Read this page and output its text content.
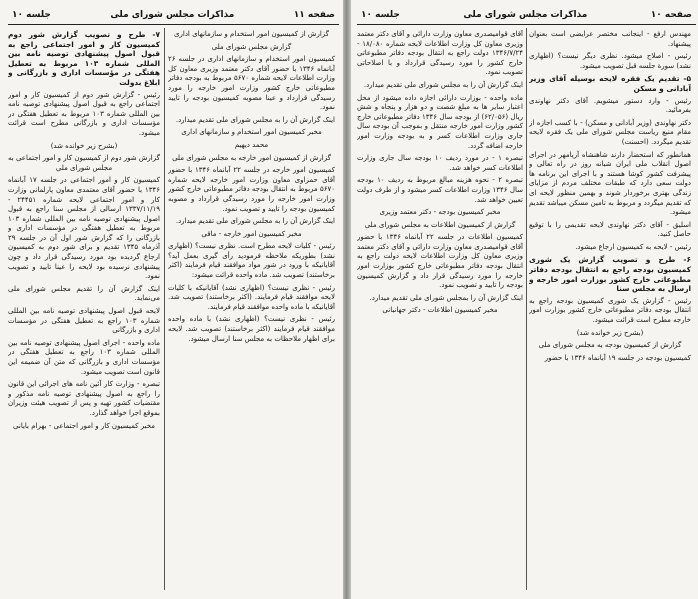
صفحه ۱۱
مذاکرات مجلس شورای ملی
جلسه ۱۰

گزارش از کمیسیون امور استخدام و سازمانهای اداری

گزارش مجلس شورای ملی

کمیسیون امور استخدام و سازمانهای اداری در جلسه ۲۶ آبانماه ۱۳۴۶ با حضور آقای دکتر معتمد وزیری معاون کل وزارت اطلاعات لایحه شماره ۵۶۷۰ مربوط به بودجه دفاتر مطبوعاتی خارج کشور وزارت امور خارجه را مورد رسیدگی قرارداد و عینا مصوبه کمیسیون بودجه را تایید نمود.

اینک گزارش آن را به مجلس شورای ملی تقدیم میدارد.

مخبر کمیسیون امور استخدام و سازمانهای اداری

محمد دیهیم

گزارش از کمیسیون امور خارجه به مجلس شورای ملی

کمیسیون امور خارجه در جلسه ۲۲ آبانماه ۱۳۴۶ با حضور آقای حمزاوی معاون وزارت امور خارجه لایحه شماره ۵۶۷۰ مربوط به انتقال بودجه دفاتر مطبوعاتی خارج کشور وزارت امور خارجه را مورد رسیدگی قرارداد و مصوبه کمیسیون بودجه را تایید و تصویب نمود.

اینک گزارش آن را به مجلس شورای ملی تقدیم میدارد.

مخبر کمیسیون امور خارجه - ماقی

رئیس - کلیات لایحه مطرح است. نظری نیست؟ (اظهاری نشد) بطوریکه ملاحظه فرمودید رأی گیری بعمل آید؟ آقایانیکه با ورود در شور مواد موافقند قیام فرمایند (اکثر برخاستند) تصویب شد. ماده واحده قرائت میشود:

رئیس - نظری نیست؟ (اظهاری نشد) آقایانیکه با کلیات لایحه موافقند قیام فرمایند. (اکثر برخاستند) تصویب شد. آقایانیکه با ماده واحده موافقند قیام فرمایند.

رئیس - نظری نیست؟ (اظهاری نشد) با ماده واحده موافقند قیام فرمایند (اکثر برخاستند) تصویب شد. لایحه برای اظهار ملاحظات به مجلس سنا ارسال میشود.

۷- طرح و تصویب گزارش شور دوم کمیسیون کار و امور اجتماعی راجع به قبول اصول پیشنهادی توصیه نامه بین المللی شماره ۱۰۳ مربوط به تعطیل هفتگی در مؤسسات اداری و بازرگانی و ابلاغ بدولت

رئیس - گزارش شور دوم از کمیسیون کار و امور اجتماعی راجع به قبول اصول پیشنهادی توصیه نامه بین المللی شماره ۱۰۳ مربوط به تعطیل هفتگی در مؤسسات اداری و بازرگانی مطرح است قرائت میشود.

(بشرح زیر خوانده شد)

گزارش شور دوم از کمیسیون کار و امور اجتماعی به مجلس شورای ملی

کمیسیون کار و امور اجتماعی در جلسه ۱۷ آبانماه ۱۳۴۶ با حضور آقای معتمدی معاون پارلمانی وزارت کار و امور اجتماعی لایحه شماره ۲۴۴۵۱ - ۱۳۳۷/۱۱/۱۹ ارسالی از مجلس سنا راجع به قبول اصول پیشنهادی توصیه نامه بین المللی شماره ۱۰۳ مربوط به تعطیل هفتگی در مؤسسات اداری و بازرگانی را که گزارش شور اول آن در جلسه ۲۹ آذرماه ۱۳۴۵ تقدیم و برای شور دوم به کمیسیون ارجاع گردیده بود مورد رسیدگی قرار داد و چون پیشنهادی نرسیده بود لایحه را عینا تایید و تصویب نمود.

اینک گزارش آن را تقدیم مجلس شورای ملی می‌نماید.

لایحه قبول اصول پیشنهادی توصیه نامه بین المللی شماره ۱۰۳ راجع به تعطیل هفتگی در مؤسسات اداری و بازرگانی

ماده واحده - اجرای اصول پیشنهادی توصیه نامه بین المللی شماره ۱۰۳ راجع به تعطیل هفتگی در مؤسسات اداری و بازرگانی که متن آن ضمیمه این قانون است تصویب میشود.

تبصره - وزارت کار آئین نامه های اجرائی این قانون را راجع به اصول پیشنهادی توصیه نامه مذکور و مقتضیات کشور تهیه و پس از تصویب هیئت وزیران بموقع اجرا خواهد گذارد.

مخبر کمیسیون کار و امور اجتماعی - بهرام بایانی

صفحه ۱۰
مذاکرات مجلس شورای ملی
جلسه ۱۰

مهندس ارفع - اینجانب مختصر عرایضی است بعنوان پیشنهاد.

رئیس - اصلاح میشود. نظری دیگر نیست؟ (اظهاری نشد) سورة جلسه قبل تصویب میشود.

۵- تقدیم یک فقره لایحه بوسیله آقای وزیر آبادانی و مسکن

رئیس - وارد دستور میشویم. آقای دکتر نهاوندی بفرمائید.

دکتر نهاوندی (وزیر آبادانی و مسکن) - با کسب اجازه از مقام منیع ریاست مجلس شورای ملی یک فقره لایحه تقدیم میگردد. (احسنت)

همانطور که استحضار دارند شاهنشاه آریامهر در اجرای اصول انقلاب ملی ایران شبانه روز در راه تعالی و پیشرفت کشور کوشا هستند و با اجرای این برنامه ها دولت سعی دارد که طبقات مختلف مردم از مزایای زندگی بهتری برخوردار شوند و بهمین منظور لایحه ای که تقدیم میگردد و مربوط به تامین مسکن میباشد تقدیم میشود.

اسلیق - آقای دکتر نهاوندی لایحه تقدیمی را با توقیع حاصل کنید.

رئیس - لایحه به کمیسیون ارجاع میشود.

۶- طرح و تصویب گزارش یک شوری کمیسیون بودجه راجع به انتقال بودجه دفاتر مطبوعاتی خارج کشور بوزارت امور خارجه و ارسال به مجلس سنا

رئیس - گزارش یک شوری کمیسیون بودجه راجع به انتقال بودجه دفاتر مطبوعاتی خارج کشور بوزارت امور خارجه مطرح است قرائت میشود.

(بشرح زیر خوانده شد)

گزارش از کمیسیون بودجه به مجلس شورای ملی

کمیسیون بودجه در جلسه ۱۹ آبانماه ۱۳۴۶ با حضور

آقای قوامیصدری معاون وزارت دارائی و آقای دکتر معتمد وزیری معاون کل وزارت اطلاعات لایحه شماره ۱۸/۰۸۰ - ۱۳۴۶/۷/۲۴ دولت راجع به انتقال بودجه دفاتر مطبوعاتی خارج کشور را مورد رسیدگی قرارداد و با اصلاحاتی تصویب نمود.

اینک گزارش آن را به مجلس شورای ملی تقدیم میدارد.

ماده واحده - بوزارت دارائی اجازه داده میشود از محل اعتبار سایر ها به مبلغ شصت و دو هزار و پنجاه و شش ریال (۶۲/۰۵۶) از بودجه سال ۱۳۴۶ دفاتر مطبوعاتی خارج کشور وزارت امور خارجه منتقل و بموجب آن بودجه سال جاری وزارت اطلاعات کسر و به بودجه وزارت امور خارجه اضافه گردد.

تبصره ۱ - در مورد ردیف ۱۰ بودجه سال جاری وزارت اطلاعات کسر خواهد شد.

تبصره ۲ - نحوه هزینه مبالغ مربوط به ردیف ۱۰ بودجه سال ۱۳۴۶ وزارت اطلاعات کسر میشود و از طرف دولت تعیین خواهد شد.

مخبر کمیسیون بودجه - دکتر معتمد وزیری

گزارش از کمیسیون اطلاعات به مجلس شورای ملی

کمیسیون اطلاعات در جلسه ۲۲ آبانماه ۱۳۴۶ با حضور آقای قوامیصدری معاون وزارت دارائی و آقای دکتر معتمد وزیری معاون کل وزارت اطلاعات لایحه دولت راجع به انتقال بودجه دفاتر مطبوعاتی خارج کشور بوزارت امور خارجه را مورد رسیدگی قرار داد و گزارش کمیسیون بودجه را تایید و تصویب نمود.

اینک گزارش آن را بمجلس شورای ملی تقدیم میدارد.

مخبر کمیسیون اطلاعات - دکتر جهانبانی
